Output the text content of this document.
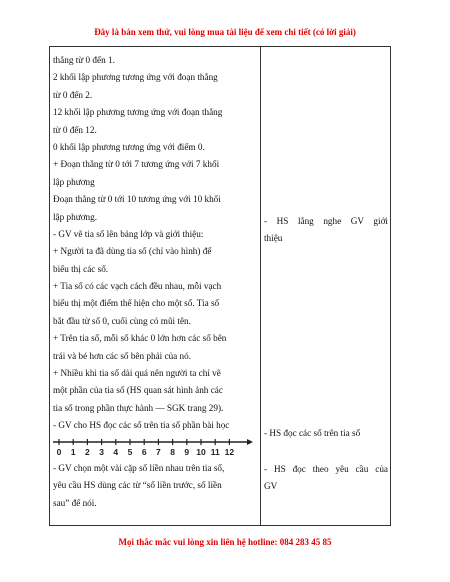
Đây là bản xem thử, vui lòng mua tài liệu để xem chi tiết (có lời giải)
thẳng từ 0 đến 1.
2 khối lập phương tương ứng với đoạn thẳng
từ 0 đến 2.
12 khối lập phương tương ứng với đoạn thẳng
từ 0 đến 12.
0 khối lập phương tương ứng với điểm 0.
+ Đoạn thẳng từ 0 tới 7 tương ứng với 7 khối
lập phương
Đoạn thẳng từ 0 tới 10 tương ứng với 10 khối
lập phương.
- GV vẽ tia số lên bảng lớp và giới thiệu:
+ Người ta đã dùng tia số (chỉ vào hình) để
biểu thị các số.
+ Tia số có các vạch cách đều nhau, mỗi vạch
biểu thị một điểm thể hiện cho một số. Tia số
bắt đầu từ số 0, cuối cùng có mũi tên.
+ Trên tia số, mỗi số khác 0 lớn hơn các số bên
trái và bé hơn các số bên phải của nó.
+ Nhiều khi tia số dài quá nên người ta chỉ vẽ
một phần của tia số (HS quan sát hình ảnh các
tia số trong phần thực hành — SGK trang 29).
- GV cho HS đọc các số trên tia số phần bài học
0 1 2 3 4 5 6 7 8 9 10 11 12
- GV chọn một vài cặp số liền nhau trên tia số,
yêu cầu HS dùng các từ “số liền trước, số liền
sau” để nói.
- HS lắng nghe GV giới
thiệu
- HS đọc các số trên tia số
- HS đọc theo yêu cầu của
GV
Mọi thắc mắc vui lòng xin liên hệ hotline: 084 283 45 85
